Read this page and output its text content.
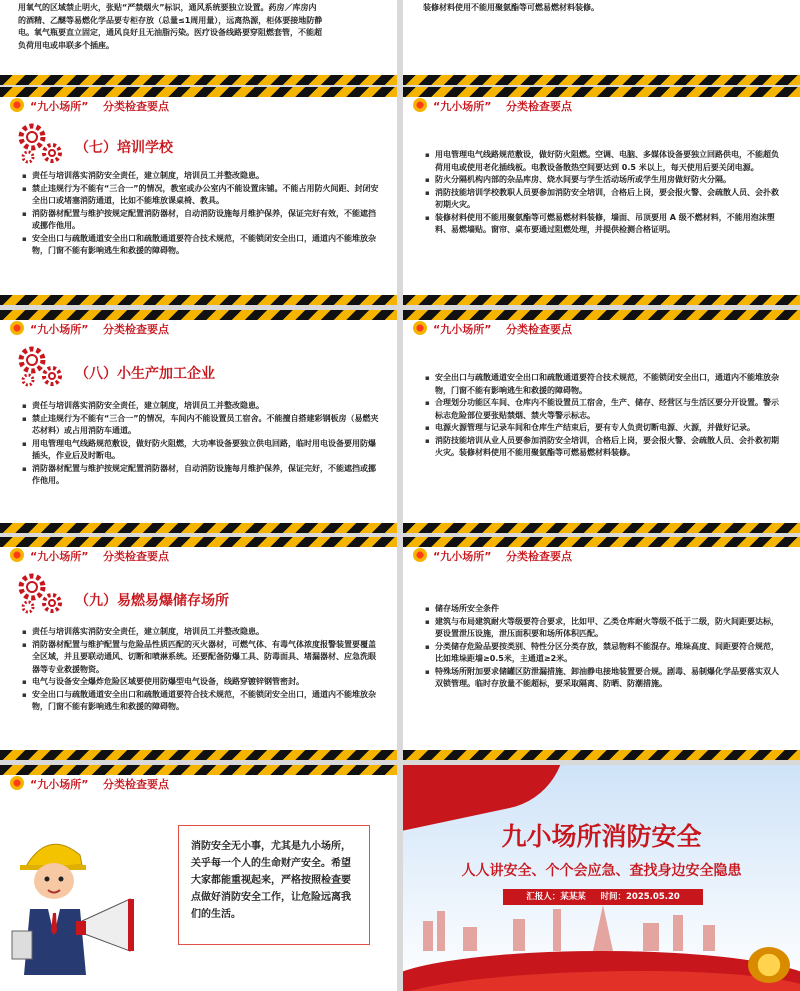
用氧气的区域禁止明火，张贴“严禁烟火”标识，通风系统要独立设置。药房／库房内
的酒精、乙醚等易燃化学品要专柜存放（总量≤1周用量），远离热源，柜体要接地防静
电。氧气瓶要直立固定，通风良好且无油脂污染。医疗设备线路要穿阻燃套管，不能超
负荷用电或串联多个插座。
装修材料使用不能用聚氨酯等可燃易燃材料装修。
“九小场所” 分类检查要点
（七）培训学校
▪ 责任与培训落实消防安全责任，建立制度，培训员工并整改隐患。
▪ 禁止违规行为不能有“三合一”的情况，教室或办公室内不能设置床铺。不能占用防火间距、封闭安全出口或堵塞消防通道，比如不能堆放课桌椅、教具。
▪ 消防器材配置与维护按规定配置消防器材，自动消防设施每月维护保养，保证完好有效，不能遮挡或挪作他用。
▪ 安全出口与疏散通道安全出口和疏散通道要符合技术规范，不能锁闭安全出口，通道内不能堆放杂物，门窗不能有影响逃生和救援的障碍物。
“九小场所” 分类检查要点
▪ 用电管理电气线路规范敷设，做好防火阻燃。空调、电脑、多媒体设备要独立回路供电，不能超负荷用电或使用老化插线板。电教设备散热空间要达到 0.5 米以上，每天使用后要关闭电源。
▪ 防火分隔机构内部的杂品库房、烧水间要与学生活动场所或学生用房做好防火分隔。
▪ 消防技能培训学校教职人员要参加消防安全培训，合格后上岗，要会报火警、会疏散人员、会扑救初期火灾。
▪ 装修材料使用不能用聚氨酯等可燃易燃材料装修，墙面、吊顶要用 A 级不燃材料，不能用泡沫塑料、易燃墙贴。窗帘、桌布要通过阻燃处理，并提供检测合格证明。
“九小场所” 分类检查要点
（八）小生产加工企业
▪ 责任与培训落实消防安全责任，建立制度，培训员工并整改隐患。
▪ 禁止违规行为不能有“三合一”的情况，车间内不能设置员工宿舍。不能擅自搭建彩钢板房（易燃夹芯材料）或占用消防车通道。
▪ 用电管理电气线路规范敷设，做好防火阻燃，大功率设备要独立供电回路，临时用电设备要用防爆插头，作业后及时断电。
▪ 消防器材配置与维护按规定配置消防器材，自动消防设施每月维护保养，保证完好，不能遮挡或挪作他用。
“九小场所” 分类检查要点
▪ 安全出口与疏散通道安全出口和疏散通道要符合技术规范，不能锁闭安全出口，通道内不能堆放杂物，门窗不能有影响逃生和救援的障碍物。
▪ 合理划分功能区车间、仓库内不能设置员工宿舍，生产、储存、经营区与生活区要分开设置。警示标志危险部位要张贴禁烟、禁火等警示标志。
▪ 电源火源管理与记录车间和仓库生产结束后，要有专人负责切断电源、火源，并做好记录。
▪ 消防技能培训从业人员要参加消防安全培训，合格后上岗，要会报火警、会疏散人员、会扑救初期火灾。装修材料使用不能用聚氨酯等可燃易燃材料装修。
“九小场所” 分类检查要点
（九）易燃易爆储存场所
▪ 责任与培训落实消防安全责任，建立制度，培训员工并整改隐患。
▪ 消防器材配置与维护配置与危险品性质匹配的灭火器材，可燃气体、有毒气体浓度报警装置要覆盖全区域，并且要联动通风、切断和喷淋系统。还要配备防爆工具、防毒面具、堵漏器材、应急洗眼器等专业救援物资。
▪ 电气与设备安全爆炸危险区域要使用防爆型电气设备，线路穿镀锌钢管密封。
▪ 安全出口与疏散通道安全出口和疏散通道要符合技术规范，不能锁闭安全出口，通道内不能堆放杂物，门窗不能有影响逃生和救援的障碍物。
“九小场所” 分类检查要点
▪ 储存场所安全条件
▪ 建筑与布局建筑耐火等级要符合要求，比如甲、乙类仓库耐火等级不低于二级，防火间距要达标，要设置泄压设施，泄压面积要和场所体积匹配。
▪ 分类储存危险品要按类别、特性分区分类存放，禁忌物料不能混存。堆垛高度、间距要符合规范，比如堆垛距墙≥0.5米，主通道≥2米。
▪ 特殊场所附加要求储罐区防泄漏措施、卸油静电接地装置要合规。剧毒、易制爆化学品要落实双人双锁管理。临时存放量不能超标，要采取隔离、防晒、防潮措施。
“九小场所” 分类检查要点

消防安全无小事，尤其是九小场所，关乎每一个人的生命财产安全。希望大家都能重视起来，严格按照检查要点做好消防安全工作，让危险远离我们的生活。

九小场所消防安全
人人讲安全、个个会应急、查找身边安全隐患
汇报人：某某某 时间：2025.05.20
